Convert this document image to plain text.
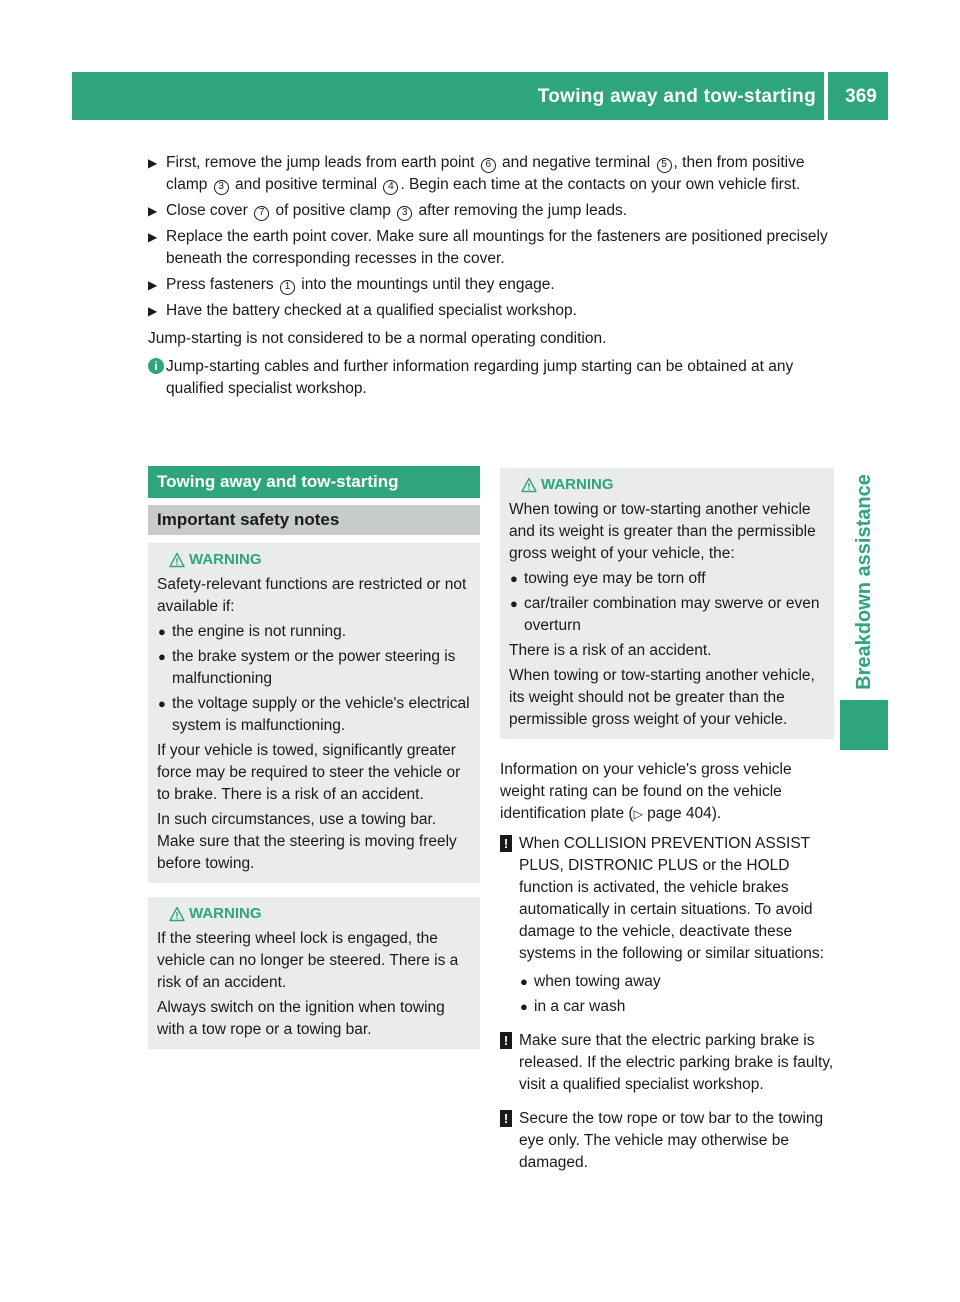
Towing away and tow-starting	369
Breakdown assistance
▶ First, remove the jump leads from earth point 6 and negative terminal 5 , then from positive clamp 3 and positive terminal 4 . Begin each time at the contacts on your own vehicle first.
▶ Close cover 7 of positive clamp 3 after removing the jump leads.
▶ Replace the earth point cover. Make sure all mountings for the fasteners are positioned precisely beneath the corresponding recesses in the cover.
▶ Press fasteners 1 into the mountings until they engage.
▶ Have the battery checked at a qualified specialist workshop.

Jump-starting is not considered to be a normal operating condition.

i Jump-starting cables and further information regarding jump starting can be obtained at any qualified specialist workshop.
Towing away and tow-starting
Important safety notes
WARNING

Safety-relevant functions are restricted or not available if:

● the engine is not running.
● the brake system or the power steering is malfunctioning
● the voltage supply or the vehicle's electrical system is malfunctioning.

If your vehicle is towed, significantly greater force may be required to steer the vehicle or to brake. There is a risk of an accident.

In such circumstances, use a towing bar. Make sure that the steering is moving freely before towing.

WARNING

If the steering wheel lock is engaged, the vehicle can no longer be steered. There is a risk of an accident.

Always switch on the ignition when towing with a tow rope or a towing bar.

WARNING

When towing or tow-starting another vehicle and its weight is greater than the permissible gross weight of your vehicle, the:

● towing eye may be torn off
● car/trailer combination may swerve or even overturn

There is a risk of an accident.

When towing or tow-starting another vehicle, its weight should not be greater than the permissible gross weight of your vehicle.

Information on your vehicle's gross vehicle weight rating can be found on the vehicle identification plate (▷ page 404).

! When COLLISION PREVENTION ASSIST PLUS, DISTRONIC PLUS or the HOLD function is activated, the vehicle brakes automatically in certain situations. To avoid damage to the vehicle, deactivate these systems in the following or similar situations:
● when towing away
● in a car wash
! Make sure that the electric parking brake is released. If the electric parking brake is faulty, visit a qualified specialist workshop.
! Secure the tow rope or tow bar to the towing eye only. The vehicle may otherwise be damaged.
